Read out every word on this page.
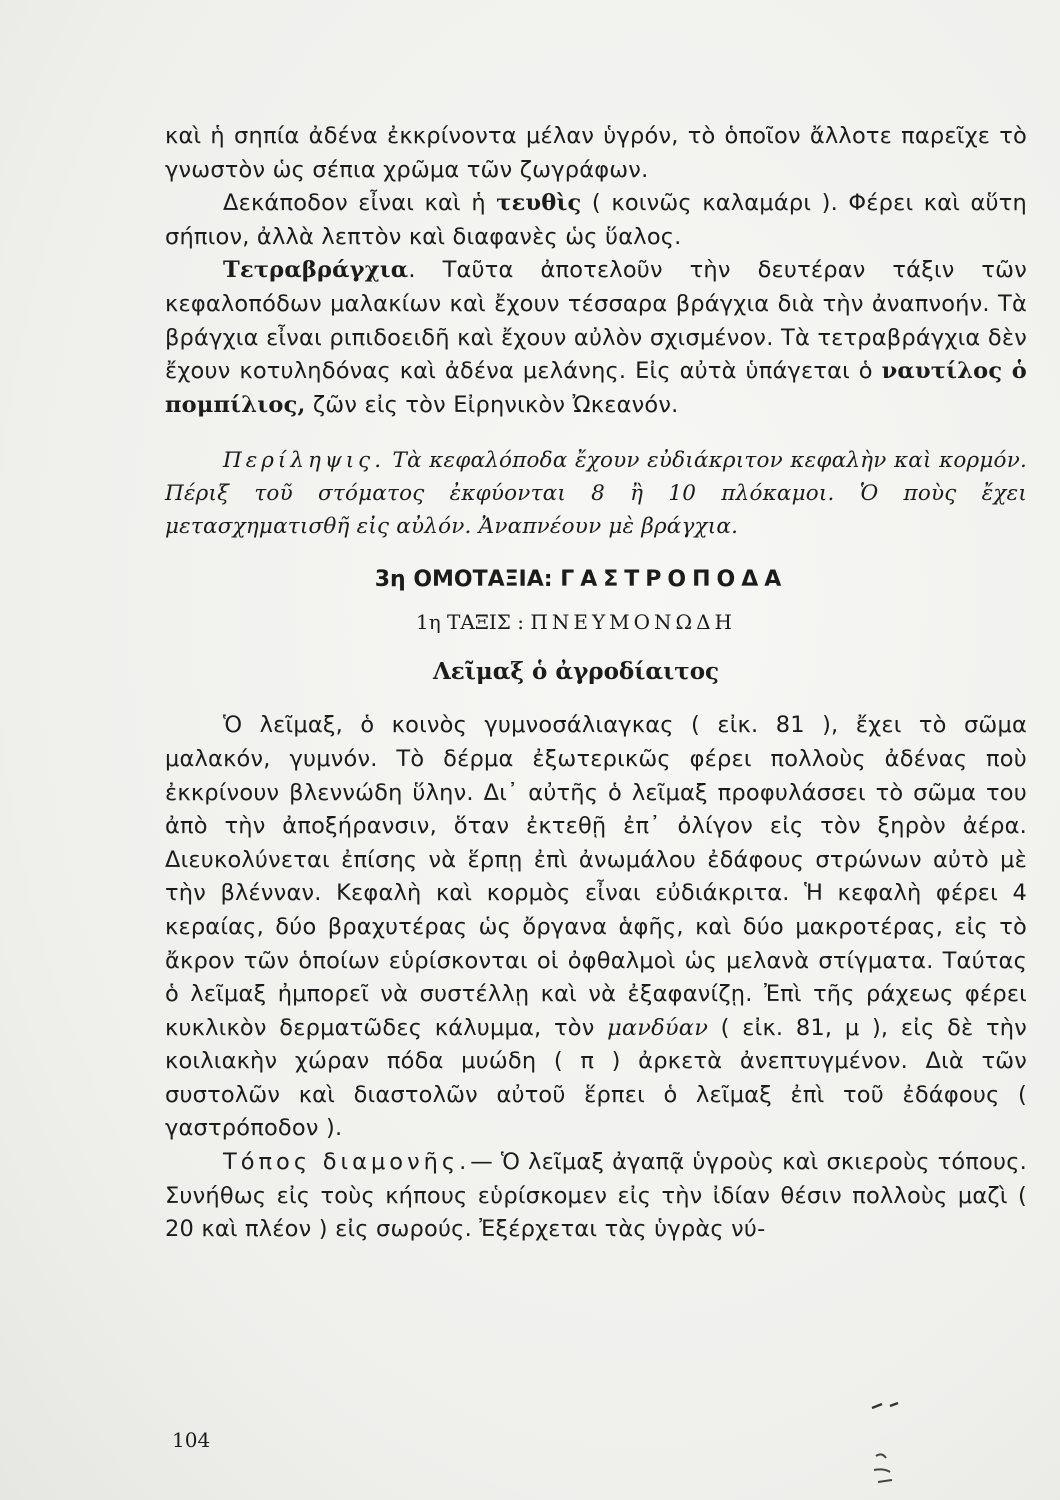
καὶ ἡ σηπία ἀδένα ἐκκρίνοντα μέλαν ὑγρόν, τὸ ὁποῖον ἄλλοτε παρεῖχε τὸ γνωστὸν ὡς σέπια χρῶμα τῶν ζωγράφων.

Δεκάποδον εἶναι καὶ ἡ τευθὶς ( κοινῶς καλαμάρι ). Φέρει καὶ αὕτη σήπιον, ἀλλὰ λεπτὸν καὶ διαφανὲς ὡς ὕαλος.

Τετραβράγχια. Ταῦτα ἀποτελοῦν τὴν δευτέραν τάξιν τῶν κεφαλοπόδων μαλακίων καὶ ἔχουν τέσσαρα βράγχια διὰ τὴν ἀναπνοήν. Τὰ βράγχια εἶναι ριπιδοειδῆ καὶ ἔχουν αὐλὸν σχισμένον. Τὰ τετραβράγχια δὲν ἔχουν κοτυληδόνας καὶ ἀδένα μελάνης. Εἰς αὐτὰ ὑπάγεται ὁ ναυτίλος ὁ πομπίλιος, ζῶν εἰς τὸν Εἰρηνικὸν Ὠκεανόν.

Περίληψις. Τὰ κεφαλόποδα ἔχουν εὐδιάκριτον κεφαλὴν καὶ κορμόν. Πέριξ τοῦ στόματος ἐκφύονται 8 ἢ 10 πλόκαμοι. Ὁ ποὺς ἔχει μετασχηματισθῆ εἰς αὐλόν. Ἀναπνέουν μὲ βράγχια.

3η ΟΜΟΤΑΞΙΑ: ΓΑΣΤΡΟΠΟΔΑ
1η ΤΑΞΙΣ : ΠΝΕΥΜΟΝΩΔΗ
Λεῖμαξ ὁ ἀγροδίαιτος

Ὁ λεῖμαξ, ὁ κοινὸς γυμνοσάλιαγκας ( εἰκ. 81 ), ἔχει τὸ σῶμα μαλακόν, γυμνόν. Τὸ δέρμα ἐξωτερικῶς φέρει πολλοὺς ἀδένας ποὺ ἐκκρίνουν βλεννώδη ὕλην. Δι᾽ αὐτῆς ὁ λεῖμαξ προφυλάσσει τὸ σῶμα του ἀπὸ τὴν ἀποξήρανσιν, ὅταν ἐκτεθῇ ἐπ᾽ ὀλίγον εἰς τὸν ξηρὸν ἀέρα. Διευκολύνεται ἐπίσης νὰ ἕρπῃ ἐπὶ ἀνωμάλου ἐδάφους στρώνων αὐτὸ μὲ τὴν βλένναν. Κεφαλὴ καὶ κορμὸς εἶναι εὐδιάκριτα. Ἡ κεφαλὴ φέρει 4 κεραίας, δύο βραχυτέρας ὡς ὄργανα ἁφῆς, καὶ δύο μακροτέρας, εἰς τὸ ἄκρον τῶν ὁποίων εὑρίσκονται οἱ ὀφθαλμοὶ ὡς μελανὰ στίγματα. Ταύτας ὁ λεῖμαξ ἠμπορεῖ νὰ συστέλλῃ καὶ νὰ ἐξαφανίζῃ. Ἐπὶ τῆς ράχεως φέρει κυκλικὸν δερματῶδες κάλυμμα, τὸν μανδύαν ( εἰκ. 81, μ ), εἰς δὲ τὴν κοιλιακὴν χώραν πόδα μυώδη ( π ) ἀρκετὰ ἀνεπτυγμένον. Διὰ τῶν συστολῶν καὶ διαστολῶν αὐτοῦ ἕρπει ὁ λεῖμαξ ἐπὶ τοῦ ἐδάφους ( γαστρόποδον ).

Τόπος διαμονῆς.— Ὁ λεῖμαξ ἀγαπᾷ ὑγροὺς καὶ σκιεροὺς τόπους. Συνήθως εἰς τοὺς κήπους εὑρίσκομεν εἰς τὴν ἰδίαν θέσιν πολλοὺς μαζὶ ( 20 καὶ πλέον ) εἰς σωρούς. Ἐξέρχεται τὰς ὑγρὰς νύ-

104
